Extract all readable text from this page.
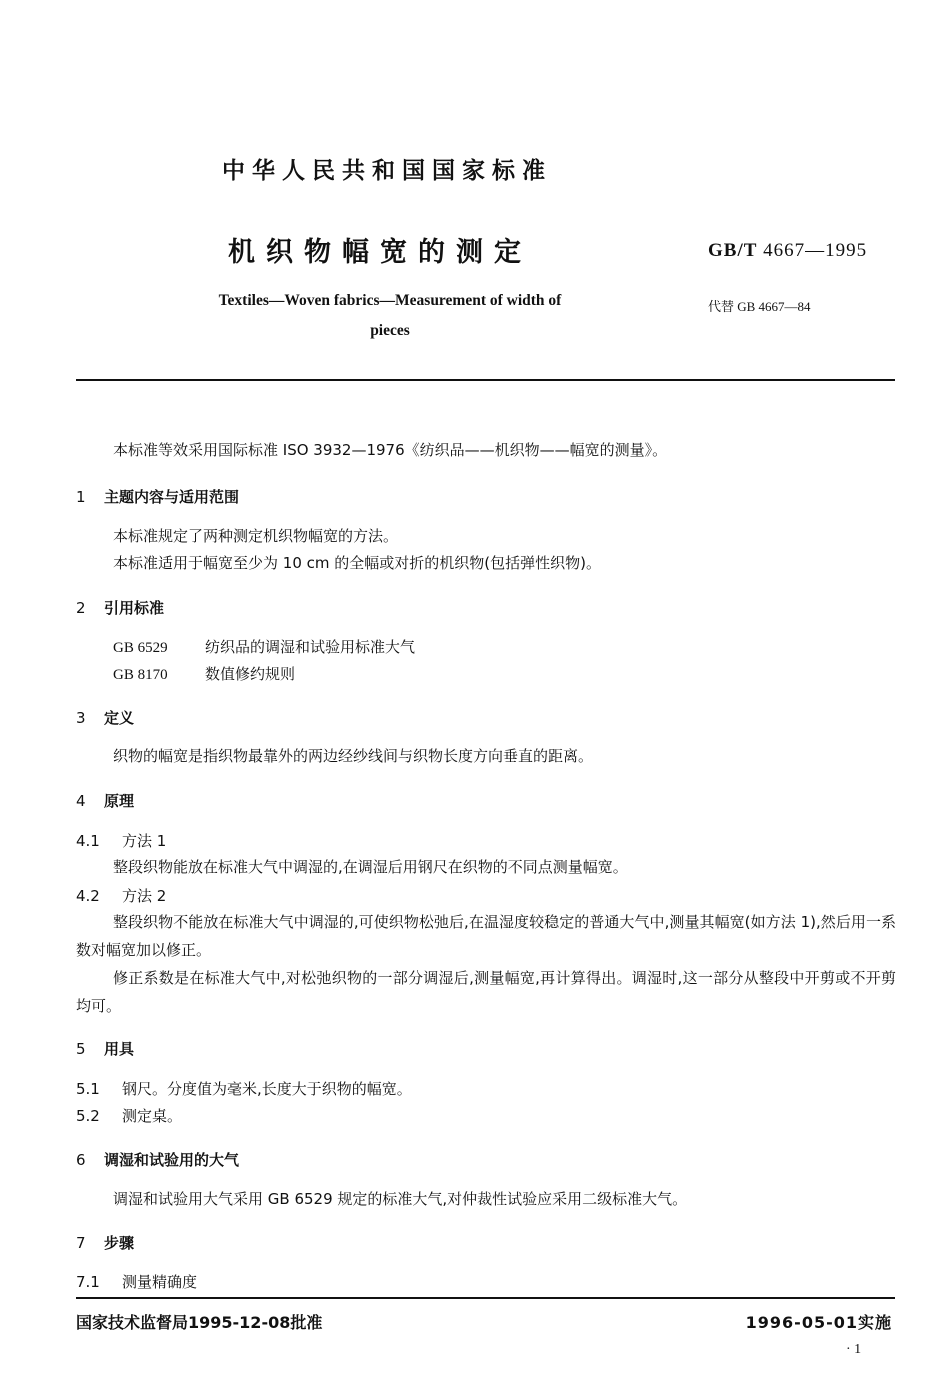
中华人民共和国国家标准
机织物幅宽的测定	GB/T 4667—1995
Textiles—Woven fabrics—Measurement of width of pieces
代替 GB 4667—84
本标准等效采用国际标准 ISO 3932—1976《纺织品——机织物——幅宽的测量》。
1 主题内容与适用范围
本标准规定了两种测定机织物幅宽的方法。
本标准适用于幅宽至少为 10 cm 的全幅或对折的机织物(包括弹性织物)。
2 引用标准
GB 6529 纺织品的调湿和试验用标准大气
GB 8170 数值修约规则
3 定义
织物的幅宽是指织物最靠外的两边经纱线间与织物长度方向垂直的距离。
4 原理
4.1 方法 1
整段织物能放在标准大气中调湿的,在调湿后用钢尺在织物的不同点测量幅宽。
4.2 方法 2
整段织物不能放在标准大气中调湿的,可使织物松弛后,在温湿度较稳定的普通大气中,测量其幅宽(如方法 1),然后用一系数对幅宽加以修正。
修正系数是在标准大气中,对松弛织物的一部分调湿后,测量幅宽,再计算得出。调湿时,这一部分从整段中开剪或不开剪均可。
5 用具
5.1 钢尺。分度值为毫米,长度大于织物的幅宽。
5.2 测定桌。
6 调湿和试验用的大气
调湿和试验用大气采用 GB 6529 规定的标准大气,对仲裁性试验应采用二级标准大气。
7 步骤
7.1 测量精确度
国家技术监督局1995-12-08批准	1996-05-01实施
· 1
